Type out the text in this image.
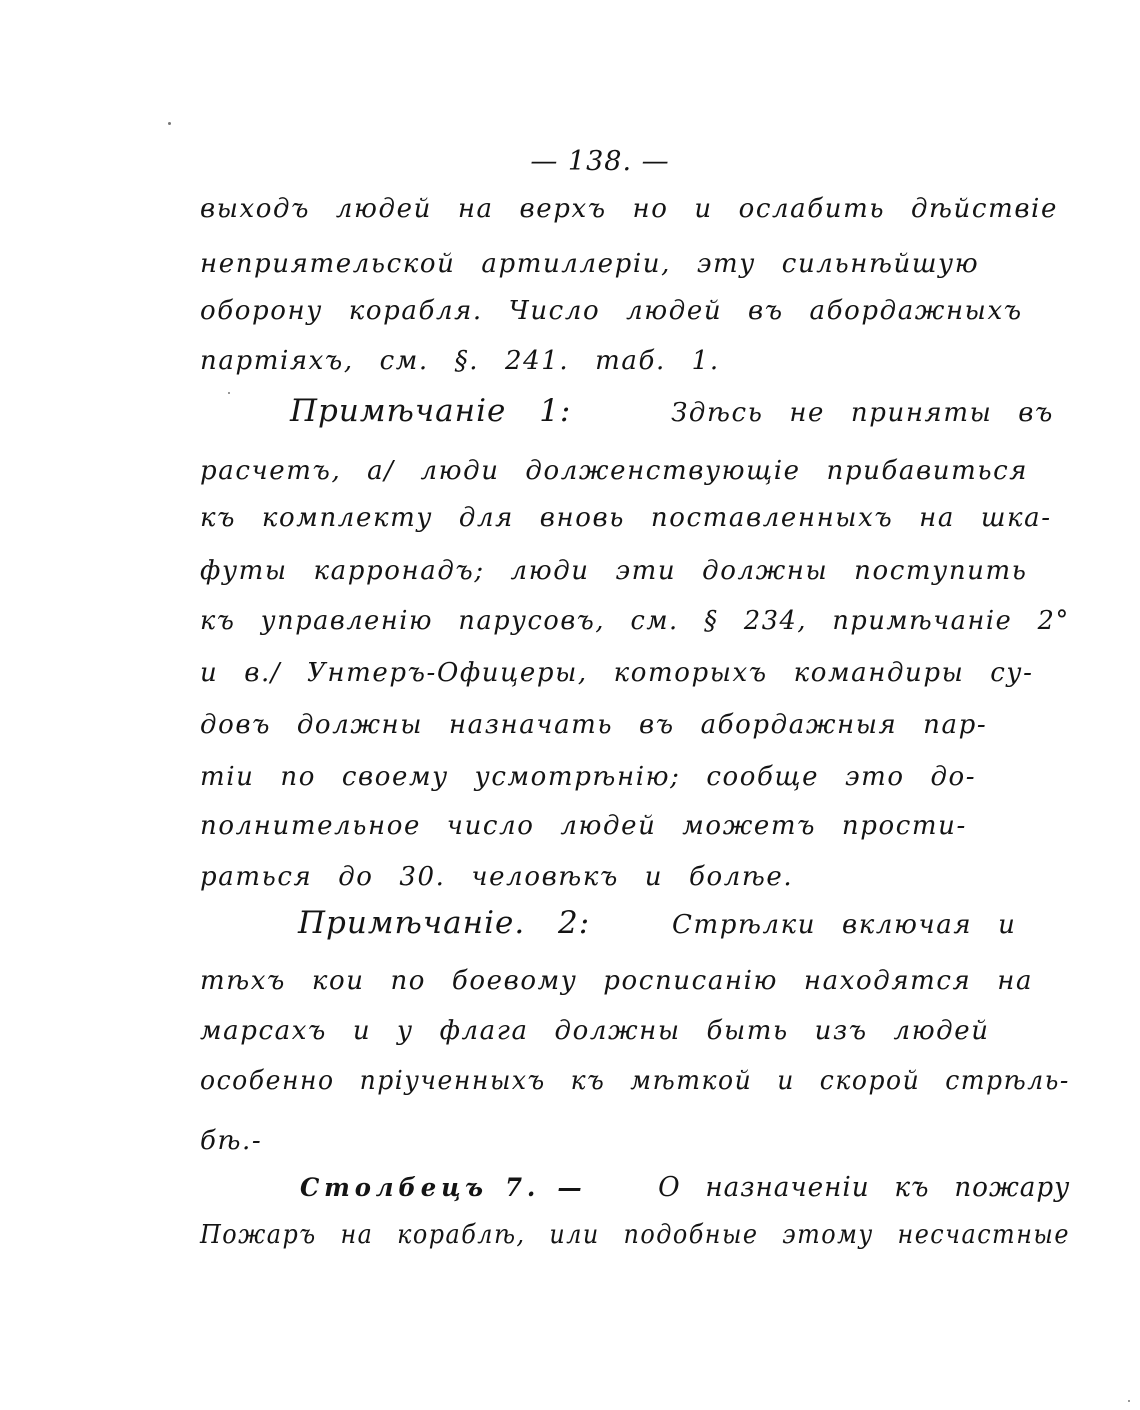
— 138. —
выходъ людей на верхъ но и ослабить дѣйствіе
неприятельской артиллеріи, эту сильнѣйшую
оборону корабля. Число людей въ абордажныхъ
партіяхъ, см. §. 241. таб. 1.
Примѣчаніе 1:	Здѣсь не приняты въ
расчетъ, а/ люди долженствующіе прибавиться
къ комплекту для вновь поставленныхъ на шка-
футы карронадъ; люди эти должны поступить
къ управленію парусовъ, см. § 234, примѣчаніе 2°
и в./ Унтеръ-Офицеры, которыхъ командиры су-
довъ должны назначать въ абордажныя пар-
тіи по своему усмотрѣнію; сообще это до-
полнительное число людей можетъ прости-
раться до 30. человѣкъ и болѣе.
Примѣчаніе. 2:	Стрѣлки включая и
тѣхъ кои по боевому росписанію находятся на
марсахъ и у флага должны быть изъ людей
особенно пріученныхъ къ мѣткой и скорой стрѣль-
бѣ.-
Столбецъ 7. —	О назначеніи къ пожару
Пожаръ на кораблѣ, или подобные этому несчастные
